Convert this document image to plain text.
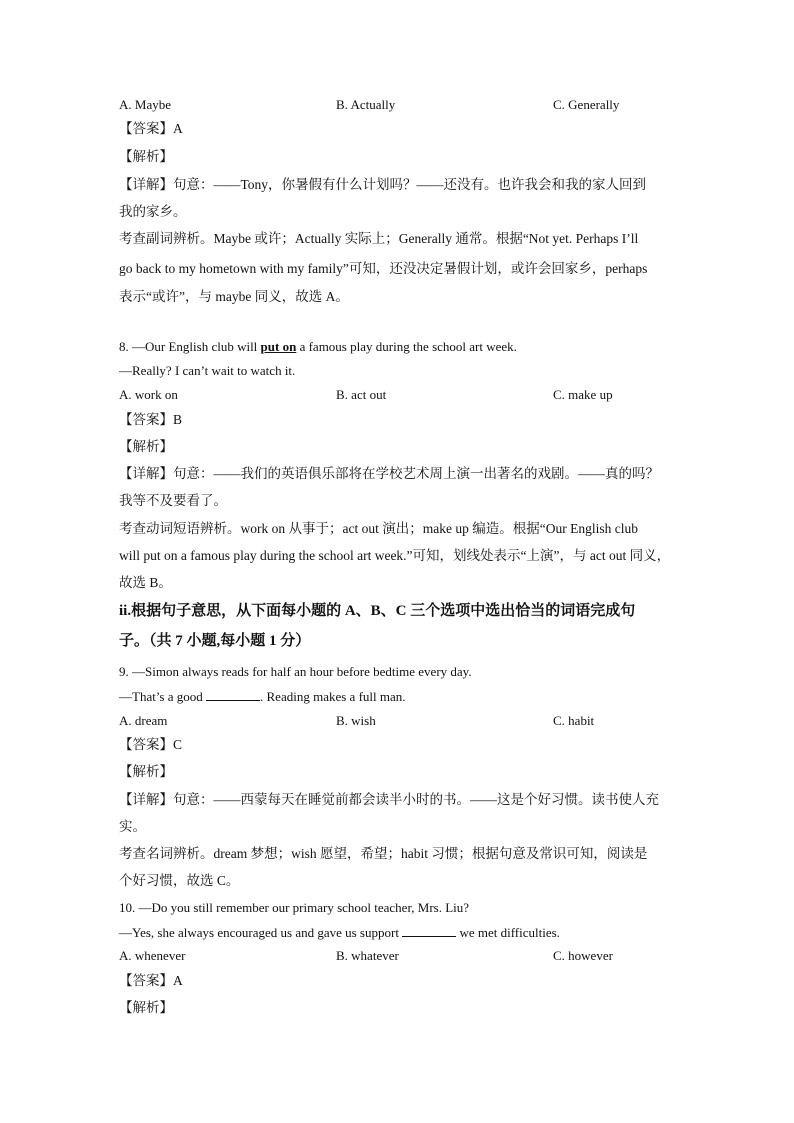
A. Maybe	B. Actually	C. Generally
【答案】A
【解析】
【详解】句意：——Tony，你暑假有什么计划吗？——还没有。也许我会和我的家人回到
我的家乡。
考查副词辨析。Maybe 或许；Actually 实际上；Generally 通常。根据“Not yet. Perhaps I’ll
go back to my hometown with my family”可知，还没决定暑假计划，或许会回家乡，perhaps
表示“或许”，与 maybe 同义，故选 A。
8. —Our English club will put on a famous play during the school art week.
—Really? I can’t wait to watch it.
A. work on	B. act out	C. make up
【答案】B
【解析】
【详解】句意：——我们的英语俱乐部将在学校艺术周上演一出著名的戏剧。——真的吗？
我等不及要看了。
考查动词短语辨析。work on 从事于；act out 演出；make up 编造。根据“Our English club
will put on a famous play during the school art week.”可知，划线处表示“上演”，与 act out 同义，
故选 B。
ii.根据句子意思，从下面每小题的 A、B、C 三个选项中选出恰当的词语完成句
子。（共 7 小题,每小题 1 分）
9. —Simon always reads for half an hour before bedtime every day.
—That’s a good	. Reading makes a full man.
A. dream	B. wish	C. habit
【答案】C
【解析】
【详解】句意：——西蒙每天在睡觉前都会读半小时的书。——这是个好习惯。读书使人充
实。
考查名词辨析。dream 梦想；wish 愿望，希望；habit 习惯；根据句意及常识可知，阅读是
个好习惯，故选 C。
10. —Do you still remember our primary school teacher, Mrs. Liu?
—Yes, she always encouraged us and gave us support	we met difficulties.
A. whenever	B. whatever	C. however
【答案】A
【解析】
